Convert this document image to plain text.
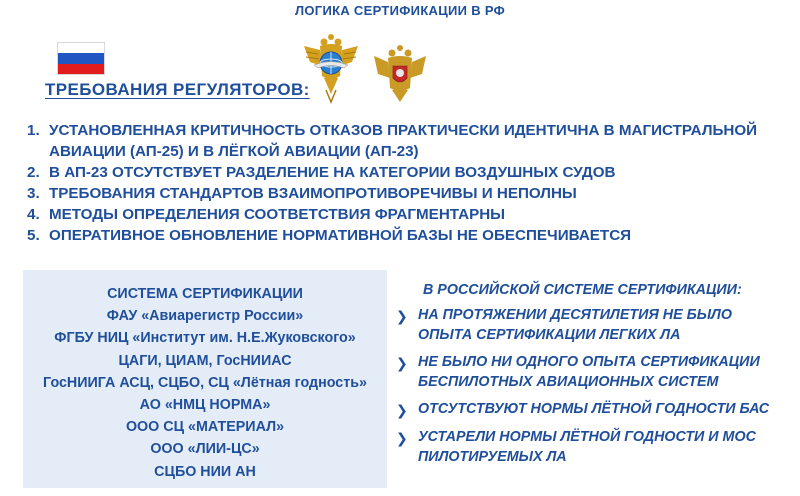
ЛОГИКА СЕРТИФИКАЦИИ В РФ
ТРЕБОВАНИЯ РЕГУЛЯТОРОВ:
1. УСТАНОВЛЕННАЯ КРИТИЧНОСТЬ ОТКАЗОВ ПРАКТИЧЕСКИ ИДЕНТИЧНА В МАГИСТРАЛЬНОЙ АВИАЦИИ (АП-25) И В ЛЁГКОЙ АВИАЦИИ (АП-23)
2. В АП-23 ОТСУТСТВУЕТ РАЗДЕЛЕНИЕ НА КАТЕГОРИИ ВОЗДУШНЫХ СУДОВ
3. ТРЕБОВАНИЯ СТАНДАРТОВ ВЗАИМОПРОТИВОРЕЧИВЫ И НЕПОЛНЫ
4. МЕТОДЫ ОПРЕДЕЛЕНИЯ СООТВЕТСТВИЯ ФРАГМЕНТАРНЫ
5. ОПЕРАТИВНОЕ ОБНОВЛЕНИЕ НОРМАТИВНОЙ БАЗЫ НЕ ОБЕСПЕЧИВАЕТСЯ
СИСТЕМА СЕРТИФИКАЦИИ
ФАУ «Авиарегистр России»
ФГБУ НИЦ «Институт им. Н.Е.Жуковского»
ЦАГИ, ЦИАМ, ГосНИИАС
ГосНИИГА АСЦ, СЦБО, СЦ «Лётная годность»
АО «НМЦ НОРМА»
ООО СЦ «МАТЕРИАЛ»
ООО «ЛИИ-ЦС»
СЦБО НИИ АН
В РОССИЙСКОЙ СИСТЕМЕ СЕРТИФИКАЦИИ:
❯ НА ПРОТЯЖЕНИИ ДЕСЯТИЛЕТИЯ НЕ БЫЛО ОПЫТА СЕРТИФИКАЦИИ ЛЕГКИХ ЛА
❯ НЕ БЫЛО НИ ОДНОГО ОПЫТА СЕРТИФИКАЦИИ БЕСПИЛОТНЫХ АВИАЦИОННЫХ СИСТЕМ
❯ ОТСУТСТВУЮТ НОРМЫ ЛЁТНОЙ ГОДНОСТИ БАС
❯ УСТАРЕЛИ НОРМЫ ЛЁТНОЙ ГОДНОСТИ И МОС ПИЛОТИРУЕМЫХ ЛА
